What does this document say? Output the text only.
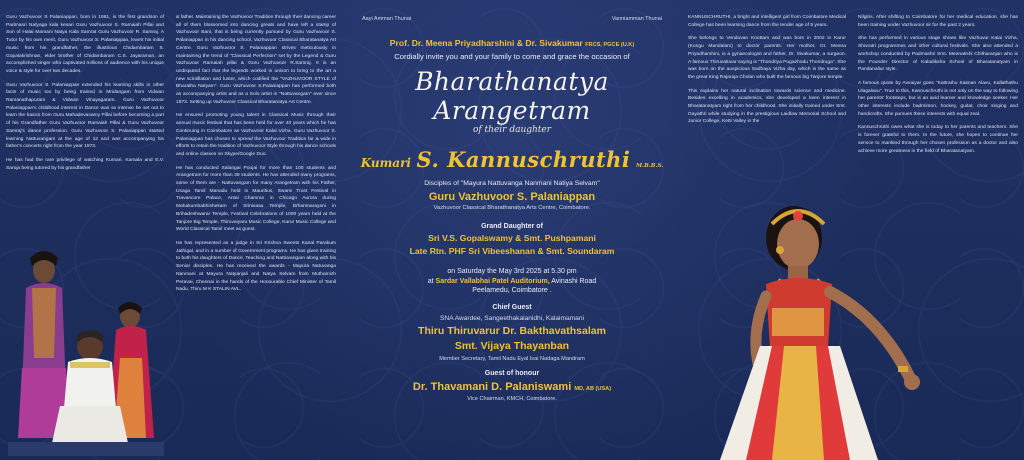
Guru Vazhuvoor S Palaniappan, born in 1961, is the first grandson of Padmasri Natyaga kala kesari Guru Vazhuvoor S. Ramaiah Pillai and Son of Halai Mamani Natya Kala Samrat Guru Vazhuvoor R. Samraj. A Tutor by his own merit, Guru Vazhuvoor S. Palaniappan, learnt his initial music from his grandfather, the illustrious Chidambaram S. Gopalakrishnan, elder brother of Chidambaram C.S. Jayaraman, an accomplished singer who captivated millions of audience with his unique voice & style for over two decades.

Guru Vazhuvoor S. Palaniappan extended his learning skills in other facts of music too by being trained in Mridangam from Vidwan Ramanathapuram & Vidwan Vinayagaram. Guru Vazhuvoor Palaniappan's childhood interest in Dance was so intense he set out to learn the basics from Guru Mahadevasamy Pillai before becoming a part of his Grandfather Guru Vazhuvoor Ramaiah Pillai & Guru Vazhuvoor Samraj's dance profession. Guru Vazhuvoor S. Palaniappan started learning Nattuvangam at the age of 12 and was accompanying his father's concerts right from the year 1973.

He has had the rare privilege of watching Kumari. Kamala and E.V. Saroja being tutored by his grandfather

& father. Maintaining the Vazhuvoor Tradition through their dancing career all of them blossomed into dancing greats and have left a stamp of Vazhuvoor Bani, that is being currently pursued by Guru Vazhuvoor S. Palaniappan in his dancing school, Vazhuvoor Classical Bharatanatya Art Centre. Guru Vazhuvoor S. Palaniappan strives meticulously in maintaining the trend of "Classical Perfection" set by the Legend & Guru Vazhuvoor Ramaiah pillai & Guru Vazhuvoor R.Samraj. It is an undisputed fact that the legends worked in unison to bring to the art a new scintillation and luster, which codified the "VAZHUVOOR STYLE of Bharatha Natyam". Guru Vazhuvoor S.Palaniappan has performed both as accompanying artist and as a Solo artist in "Nattuvangam" ever since 1973. Setting up Vazhuvoor Classical Bharatanatya Art Centre.

He ensured promoting young talent in Classical Music through their annual music festival that has been held for over 40 years which he has Continuing in Coimbatore as Vazhuvoor Kalai Vizha. Guru Vazhuvoor S. Palaniappan has chosen to spread the Vazhuvoor Tradition far & wide in efforts to retain the tradition of Vazhuvoor Style through his dance schools and online classes on Skype/Google Duo.

He has conducted Salangai Poojai for more than 100 students and Arangetram for more than 39 students. He has attended many programs, some of them are - Nattuvangam for many Arangetram with his Father, Usaga Tamil Manadu held in Mauritius, Swami Trust Festival in Travancore Palace, Antal Chamran in Chicago Aurora during Mahakumbabhishekam of Srinivasa Temple, Brhanmarayani in Brihadeshwarar Temple, Festival Celebrations of 1000 years held at the Tanjore Big Temple, Thiruvaiyaru Music College, Karur Music College and World Classical Tamil meet as guest.

He has represented as a judge in Sri Krishna Sweets Kanal Parakum Jathigal, and in a number of Government programs. He has given training to both his daughters of Dance, Teaching and Nattuvangam along with his Senior disciples. He has received the awards - Mayura Natuvanga Nanmani at Mayura Natyanjali and Natya Selvam from Muthamizh Peravai, Chennai in the hands of the Honourable Chief Minister of Tamil Nadu, Thiru M K STALIN AVL.

Aayi Amman Thunai	Vanniamman Thunai
Prof. Dr. Meena Priyadharshini & Dr. Sivakumar FRCS, PGCE (U.K)
Cordially invite you and your family to come and grace the occasion of
Bharathanatya Arangetram
of their daughter
Kumari S. Kannuschruthi M.B.B.S.
Disciples of "Mayura Nattuvanga Nanmani Natiya Selvam"
Guru Vazhuvoor S. Palaniappan
Vazhuvoor Classical Bharathanatya Arts Centre, Coimbatore.
Grand Daughter of
Sri V.S. Gopalswamy & Smt. Pushpamani
Late Rtn. PHF Sri Vibeeshanan & Smt. Soundaram
on Saturday the May 3rd 2025 at 5.30 pm
at Sardar Vallabhai Patel Auditorium, Avinashi Road
Peelamedu, Coimbatore .
Chief Guest
SNA Awardee, Sangeethakalanidhi, Kalaimamani
Thiru Thiruvarur Dr. Bakthavathsalam
Smt. Vijaya Thayanban
Member Secretary, Tamil Nadu Eyal Isai Nadaga Mandram
Guest of honour
Dr. Thavamani D. Palaniswami MD, AB (USA)
Vice Chairman, KMCH, Coimbatore.

KANNUSCHRUTHI, a bright and intelligent girl from Coimbatore Medical College has been learning dance from the tender age of 5 years.

She belongs to Venduvan Koottam and was born in 2002 in Karur (Kongu Mandalam) to doctor parents. Her mother, Dr. Meena Priyadharshini, is a gynaecologist and father, Dr. Sivakumar, a surgeon. A famous Thiruvaluvar saying is "Thondriya Pugazhodu Thondruga". She was born on the auspicious Sadhaya Vizha day, which is the same as the great King Rajaraja Cholan who built the famous big Tanjore temple.

This explains her natural inclination towards science and medicine. Besides excelling in academics, she developed a keen interest in Bharatanatyam right from her childhood. She initially trained under Smt. Gayathri while studying in the prestigious Laidlaw Memorial School and Junior College, Ketti Valley in the

Nilgiris. After shifting to Coimbatore for her medical education, she has been training under Vazhuvoor sir for the past 2 years.

She has performed in various stage shows like Vazhuvur Kalai Vizha, Shivratri programmes and other cultural festivals. She also attended a workshop conducted by Padmashri Smt. Meenakshi Chitharanjan who is the Founder Director of Kaladiksha School of Bharatanatyam in Pandanallur style.

A famous quote by Avvaiyar goes "Kattrathu Kaiman Alavu, Kallathathu Ulagalavu". True to this, Kannuschruthi is not only on the way to following her parents' footsteps, but is an avid learner and knowledge seeker. Her other interests include badminton, hockey, guitar, choir singing and handicrafts. She pursues these interests with equal zeal.

Kannuschruthi owes what she is today to her parents and teachers. She is forever grateful to them. In the future, she hopes to continue her service to mankind through her chosen profession as a doctor and also achieve more greatness in the field of Bharatanatyam.
